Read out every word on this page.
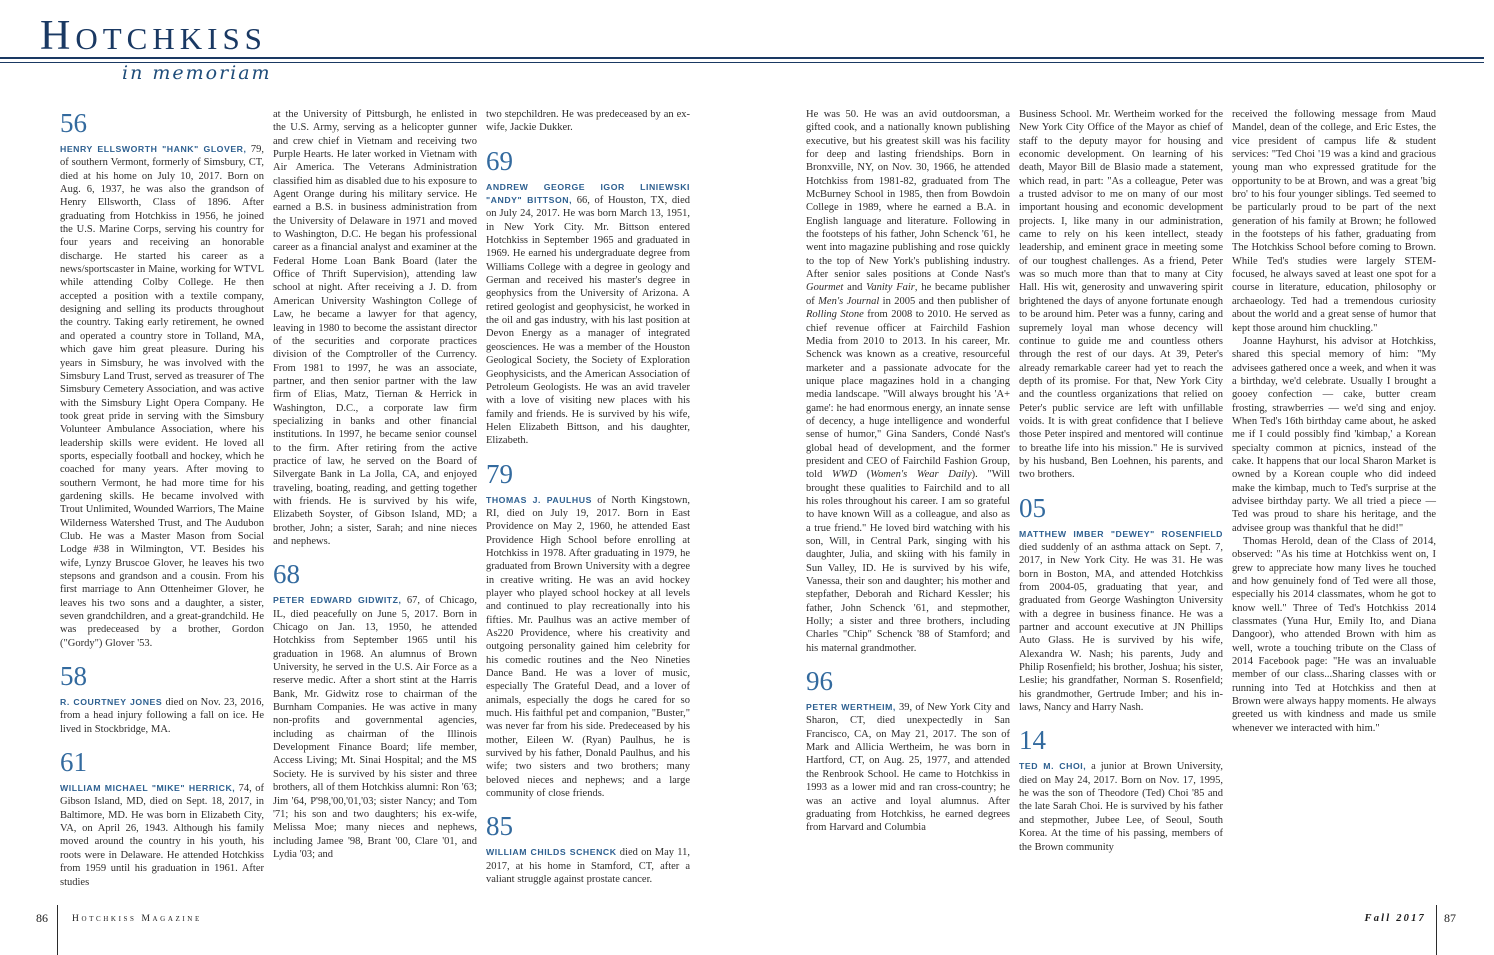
HOTCHKISS
in memoriam
56

HENRY ELLSWORTH "HANK" GLOVER, 79, of southern Vermont, formerly of Simsbury, CT, died at his home on July 10, 2017. Born on Aug. 6, 1937, he was also the grandson of Henry Ellsworth, Class of 1896. After graduating from Hotchkiss in 1956, he joined the U.S. Marine Corps, serving his country for four years and receiving an honorable discharge. He started his career as a news/sportscaster in Maine, working for WTVL while attending Colby College. He then accepted a position with a textile company, designing and selling its products throughout the country. Taking early retirement, he owned and operated a country store in Tolland, MA, which gave him great pleasure. During his years in Simsbury, he was involved with the Simsbury Land Trust, served as treasurer of The Simsbury Cemetery Association, and was active with the Simsbury Light Opera Company. He took great pride in serving with the Simsbury Volunteer Ambulance Association, where his leadership skills were evident. He loved all sports, especially football and hockey, which he coached for many years. After moving to southern Vermont, he had more time for his gardening skills. He became involved with Trout Unlimited, Wounded Warriors, The Maine Wilderness Watershed Trust, and The Audubon Club. He was a Master Mason from Social Lodge #38 in Wilmington, VT. Besides his wife, Lynzy Bruscoe Glover, he leaves his two stepsons and grandson and a cousin. From his first marriage to Ann Ottenheimer Glover, he leaves his two sons and a daughter, a sister, seven grandchildren, and a great-grandchild. He was predeceased by a brother, Gordon ("Gordy") Glover '53.

58

R. COURTNEY JONES died on Nov. 23, 2016, from a head injury following a fall on ice. He lived in Stockbridge, MA.

61

WILLIAM MICHAEL "MIKE" HERRICK, 74, of Gibson Island, MD, died on Sept. 18, 2017, in Baltimore, MD. He was born in Elizabeth City, VA, on April 26, 1943. Although his family moved around the country in his youth, his roots were in Delaware. He attended Hotchkiss from 1959 until his graduation in 1961. After studies

at the University of Pittsburgh, he enlisted in the U.S. Army, serving as a helicopter gunner and crew chief in Vietnam and receiving two Purple Hearts. He later worked in Vietnam with Air America. The Veterans Administration classified him as disabled due to his exposure to Agent Orange during his military service. He earned a B.S. in business administration from the University of Delaware in 1971 and moved to Washington, D.C. He began his professional career as a financial analyst and examiner at the Federal Home Loan Bank Board (later the Office of Thrift Supervision), attending law school at night. After receiving a J. D. from American University Washington College of Law, he became a lawyer for that agency, leaving in 1980 to become the assistant director of the securities and corporate practices division of the Comptroller of the Currency. From 1981 to 1997, he was an associate, partner, and then senior partner with the law firm of Elias, Matz, Tiernan & Herrick in Washington, D.C., a corporate law firm specializing in banks and other financial institutions. In 1997, he became senior counsel to the firm. After retiring from the active practice of law, he served on the Board of Silvergate Bank in La Jolla, CA, and enjoyed traveling, boating, reading, and getting together with friends. He is survived by his wife, Elizabeth Soyster, of Gibson Island, MD; a brother, John; a sister, Sarah; and nine nieces and nephews.

68

PETER EDWARD GIDWITZ, 67, of Chicago, IL, died peacefully on June 5, 2017. Born in Chicago on Jan. 13, 1950, he attended Hotchkiss from September 1965 until his graduation in 1968. An alumnus of Brown University, he served in the U.S. Air Force as a reserve medic. After a short stint at the Harris Bank, Mr. Gidwitz rose to chairman of the Burnham Companies. He was active in many non-profits and governmental agencies, including as chairman of the Illinois Development Finance Board; life member, Access Living; Mt. Sinai Hospital; and the MS Society. He is survived by his sister and three brothers, all of them Hotchkiss alumni: Ron '63; Jim '64, P'98,'00,'01,'03; sister Nancy; and Tom '71; his son and two daughters; his ex-wife, Melissa Moe; many nieces and nephews, including Jamee '98, Brant '00, Clare '01, and Lydia '03; and

two stepchildren. He was predeceased by an ex-wife, Jackie Dukker.

69

ANDREW GEORGE IGOR LINIEWSKI "ANDY" BITTSON, 66, of Houston, TX, died on July 24, 2017. He was born March 13, 1951, in New York City. Mr. Bittson entered Hotchkiss in September 1965 and graduated in 1969. He earned his undergraduate degree from Williams College with a degree in geology and German and received his master's degree in geophysics from the University of Arizona. A retired geologist and geophysicist, he worked in the oil and gas industry, with his last position at Devon Energy as a manager of integrated geosciences. He was a member of the Houston Geological Society, the Society of Exploration Geophysicists, and the American Association of Petroleum Geologists. He was an avid traveler with a love of visiting new places with his family and friends. He is survived by his wife, Helen Elizabeth Bittson, and his daughter, Elizabeth.

79

THOMAS J. PAULHUS of North Kingstown, RI, died on July 19, 2017. Born in East Providence on May 2, 1960, he attended East Providence High School before enrolling at Hotchkiss in 1978. After graduating in 1979, he graduated from Brown University with a degree in creative writing. He was an avid hockey player who played school hockey at all levels and continued to play recreationally into his fifties. Mr. Paulhus was an active member of As220 Providence, where his creativity and outgoing personality gained him celebrity for his comedic routines and the Neo Nineties Dance Band. He was a lover of music, especially The Grateful Dead, and a lover of animals, especially the dogs he cared for so much. His faithful pet and companion, "Buster," was never far from his side. Predeceased by his mother, Eileen W. (Ryan) Paulhus, he is survived by his father, Donald Paulhus, and his wife; two sisters and two brothers; many beloved nieces and nephews; and a large community of close friends.

85

WILLIAM CHILDS SCHENCK died on May 11, 2017, at his home in Stamford, CT, after a valiant struggle against prostate cancer.

He was 50. He was an avid outdoorsman, a gifted cook, and a nationally known publishing executive, but his greatest skill was his facility for deep and lasting friendships. Born in Bronxville, NY, on Nov. 30, 1966, he attended Hotchkiss from 1981-82, graduated from The McBurney School in 1985, then from Bowdoin College in 1989, where he earned a B.A. in English language and literature. Following in the footsteps of his father, John Schenck '61, he went into magazine publishing and rose quickly to the top of New York's publishing industry. After senior sales positions at Conde Nast's Gourmet and Vanity Fair, he became publisher of Men's Journal in 2005 and then publisher of Rolling Stone from 2008 to 2010. He served as chief revenue officer at Fairchild Fashion Media from 2010 to 2013. In his career, Mr. Schenck was known as a creative, resourceful marketer and a passionate advocate for the unique place magazines hold in a changing media landscape. "Will always brought his 'A+ game': he had enormous energy, an innate sense of decency, a huge intelligence and wonderful sense of humor," Gina Sanders, Condé Nast's global head of development, and the former president and CEO of Fairchild Fashion Group, told WWD (Women's Wear Daily). "Will brought these qualities to Fairchild and to all his roles throughout his career. I am so grateful to have known Will as a colleague, and also as a true friend." He loved bird watching with his son, Will, in Central Park, singing with his daughter, Julia, and skiing with his family in Sun Valley, ID. He is survived by his wife, Vanessa, their son and daughter; his mother and stepfather, Deborah and Richard Kessler; his father, John Schenck '61, and stepmother, Holly; a sister and three brothers, including Charles "Chip" Schenck '88 of Stamford; and his maternal grandmother.

96

PETER WERTHEIM, 39, of New York City and Sharon, CT, died unexpectedly in San Francisco, CA, on May 21, 2017. The son of Mark and Allicia Wertheim, he was born in Hartford, CT, on Aug. 25, 1977, and attended the Renbrook School. He came to Hotchkiss in 1993 as a lower mid and ran cross-country; he was an active and loyal alumnus. After graduating from Hotchkiss, he earned degrees from Harvard and Columbia

Business School. Mr. Wertheim worked for the New York City Office of the Mayor as chief of staff to the deputy mayor for housing and economic development. On learning of his death, Mayor Bill de Blasio made a statement, which read, in part: "As a colleague, Peter was a trusted advisor to me on many of our most important housing and economic development projects. I, like many in our administration, came to rely on his keen intellect, steady leadership, and eminent grace in meeting some of our toughest challenges. As a friend, Peter was so much more than that to many at City Hall. His wit, generosity and unwavering spirit brightened the days of anyone fortunate enough to be around him. Peter was a funny, caring and supremely loyal man whose decency will continue to guide me and countless others through the rest of our days. At 39, Peter's already remarkable career had yet to reach the depth of its promise. For that, New York City and the countless organizations that relied on Peter's public service are left with unfillable voids. It is with great confidence that I believe those Peter inspired and mentored will continue to breathe life into his mission." He is survived by his husband, Ben Loehnen, his parents, and two brothers.

05

MATTHEW IMBER "DEWEY" ROSENFIELD died suddenly of an asthma attack on Sept. 7, 2017, in New York City. He was 31. He was born in Boston, MA, and attended Hotchkiss from 2004-05, graduating that year, and graduated from George Washington University with a degree in business finance. He was a partner and account executive at JN Phillips Auto Glass. He is survived by his wife, Alexandra W. Nash; his parents, Judy and Philip Rosenfield; his brother, Joshua; his sister, Leslie; his grandfather, Norman S. Rosenfield; his grandmother, Gertrude Imber; and his in-laws, Nancy and Harry Nash.

14

TED M. CHOI, a junior at Brown University, died on May 24, 2017. Born on Nov. 17, 1995, he was the son of Theodore (Ted) Choi '85 and the late Sarah Choi. He is survived by his father and stepmother, Jubee Lee, of Seoul, South Korea. At the time of his passing, members of the Brown community

received the following message from Maud Mandel, dean of the college, and Eric Estes, the vice president of campus life & student services: "Ted Choi '19 was a kind and gracious young man who expressed gratitude for the opportunity to be at Brown, and was a great 'big bro' to his four younger siblings. Ted seemed to be particularly proud to be part of the next generation of his family at Brown; he followed in the footsteps of his father, graduating from The Hotchkiss School before coming to Brown. While Ted's studies were largely STEM-focused, he always saved at least one spot for a course in literature, education, philosophy or archaeology. Ted had a tremendous curiosity about the world and a great sense of humor that kept those around him chuckling."

Joanne Hayhurst, his advisor at Hotchkiss, shared this special memory of him: "My advisees gathered once a week, and when it was a birthday, we'd celebrate. Usually I brought a gooey confection — cake, butter cream frosting, strawberries — we'd sing and enjoy. When Ted's 16th birthday came about, he asked me if I could possibly find 'kimbap,' a Korean specialty common at picnics, instead of the cake. It happens that our local Sharon Market is owned by a Korean couple who did indeed make the kimbap, much to Ted's surprise at the advisee birthday party. We all tried a piece — Ted was proud to share his heritage, and the advisee group was thankful that he did!"

Thomas Herold, dean of the Class of 2014, observed: "As his time at Hotchkiss went on, I grew to appreciate how many lives he touched and how genuinely fond of Ted were all those, especially his 2014 classmates, whom he got to know well." Three of Ted's Hotchkiss 2014 classmates (Yuna Hur, Emily Ito, and Diana Dangoor), who attended Brown with him as well, wrote a touching tribute on the Class of 2014 Facebook page: "He was an invaluable member of our class...Sharing classes with or running into Ted at Hotchkiss and then at Brown were always happy moments. He always greeted us with kindness and made us smile whenever we interacted with him."

86	Hotchkiss Magazine	Fall 2017 87
